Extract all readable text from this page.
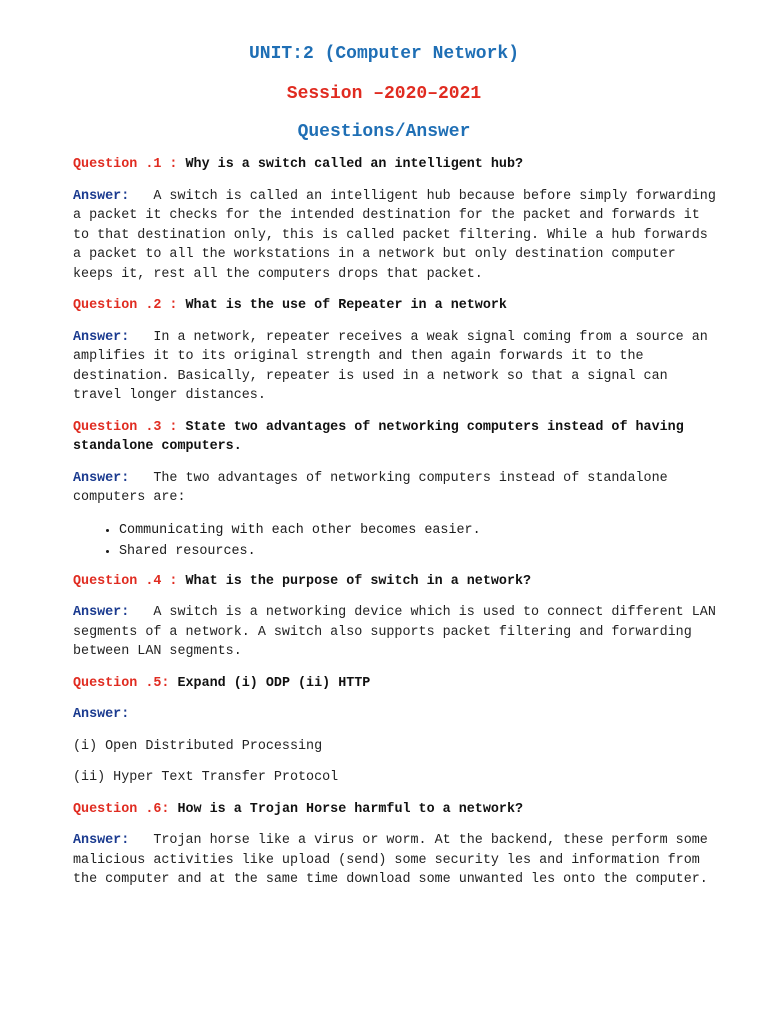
UNIT:2 (Computer Network)
Session –2020–2021
Questions/Answer

Question .1 : Why is a switch called an intelligent hub?

Answer: A switch is called an intelligent hub because before simply forwarding a packet it checks for the intended destination for the packet and forwards it to that destination only, this is called packet filtering. While a hub forwards a packet to all the workstations in a network but only destination computer keeps it, rest all the computers drops that packet.

Question .2 : What is the use of Repeater in a network

Answer: In a network, repeater receives a weak signal coming from a source an amplifies it to its original strength and then again forwards it to the destination. Basically, repeater is used in a network so that a signal can travel longer distances.

Question .3 : State two advantages of networking computers instead of having standalone computers.

Answer: The two advantages of networking computers instead of standalone computers are:

• Communicating with each other becomes easier.
• Shared resources.

Question .4 : What is the purpose of switch in a network?

Answer: A switch is a networking device which is used to connect different LAN segments of a network. A switch also supports packet filtering and forwarding between LAN segments.

Question .5: Expand (i) ODP (ii) HTTP

Answer:

(i) Open Distributed Processing

(ii) Hyper Text Transfer Protocol

Question .6: How is a Trojan Horse harmful to a network?

Answer: Trojan horse like a virus or worm. At the backend, these perform some malicious activities like upload (send) some security les and information from the computer and at the same time download some unwanted les onto the computer.
